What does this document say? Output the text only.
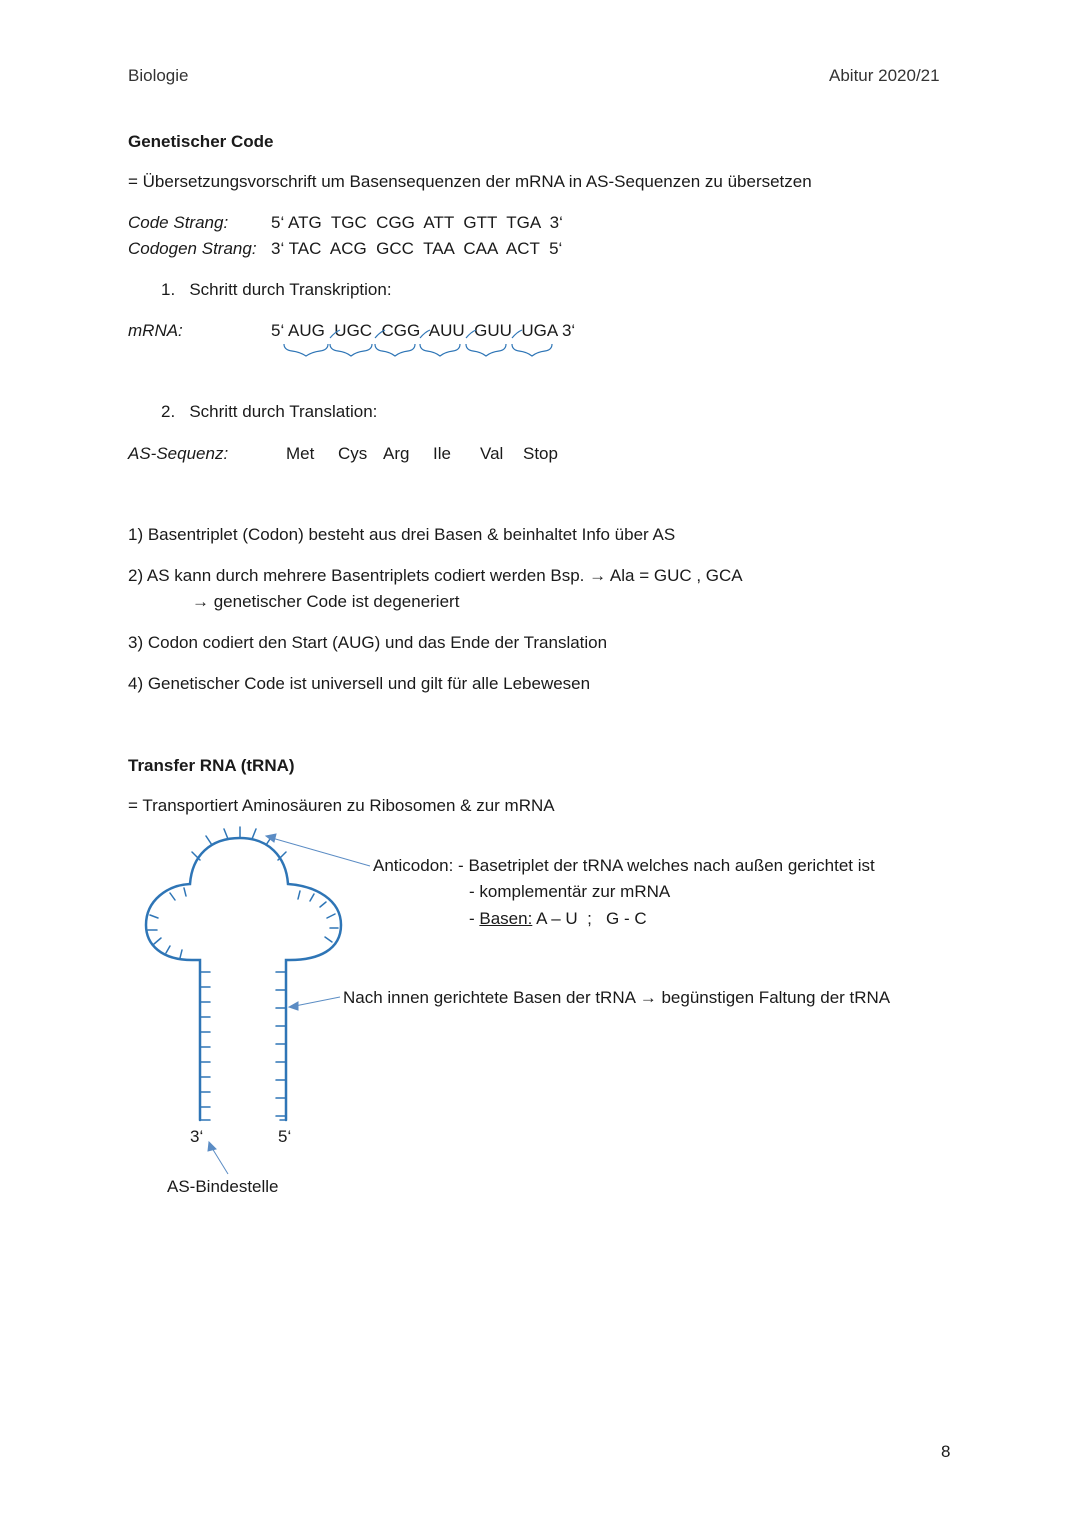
Biologie	Abitur 2020/21
Genetischer Code
= Übersetzungsvorschrift um Basensequenzen der mRNA in AS-Sequenzen zu übersetzen
Code Strang:	5‘ ATG  TGC  CGG  ATT  GTT  TGA  3‘
Codogen Strang: 3‘ TAC  ACG  GCC  TAA  CAA  ACT  5‘
1.   Schritt durch Transkription:
mRNA:	5‘ AUG  UGC  CGG  AUU  GUU  UGA 3‘
2.   Schritt durch Translation:
AS-Sequenz:	Met Cys Arg Ile Val Stop
1) Basentriplet (Codon) besteht aus drei Basen & beinhaltet Info über AS
2) AS kann durch mehrere Basentriplets codiert werden Bsp. → Ala = GUC , GCA
→ genetischer Code ist degeneriert
3) Codon codiert den Start (AUG) und das Ende der Translation
4) Genetischer Code ist universell und gilt für alle Lebewesen
Transfer RNA (tRNA)
= Transportiert Aminosäuren zu Ribosomen & zur mRNA
Anticodon: - Basetriplet der tRNA welches nach außen gerichtet ist
- komplementär zur mRNA
- Basen: A – U  ;   G - C
Nach innen gerichtete Basen der tRNA → begünstigen Faltung der tRNA
3‘	5‘
AS-Bindestelle
8
